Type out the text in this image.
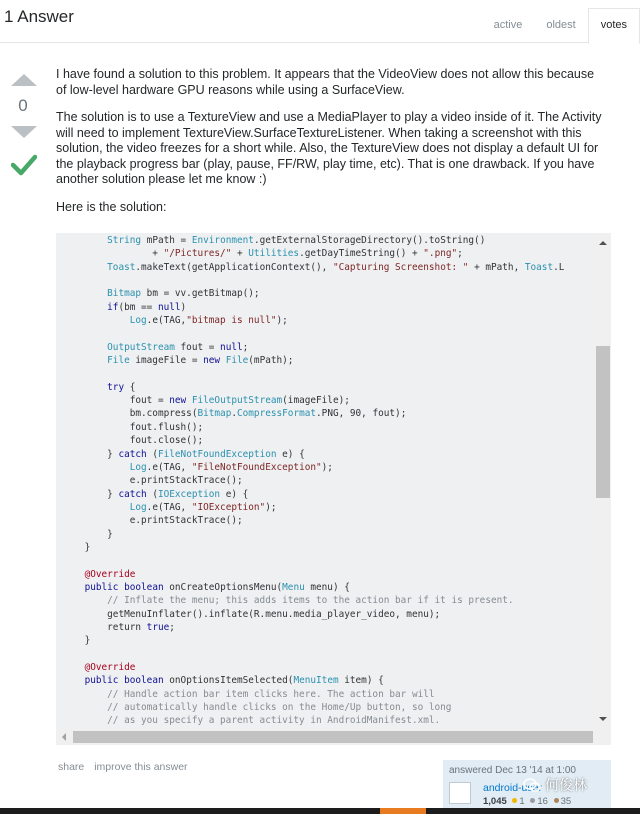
1 Answer	active	oldest	votes
0

I have found a solution to this problem. It appears that the VideoView does not allow this because of low-level hardware GPU reasons while using a SurfaceView.

The solution is to use a TextureView and use a MediaPlayer to play a video inside of it. The Activity will need to implement TextureView.SurfaceTextureListener. When taking a screenshot with this solution, the video freezes for a short while. Also, the TextureView does not display a default UI for the playback progress bar (play, pause, FF/RW, play time, etc). That is one drawback. If you have another solution please let me know :)

Here is the solution:

String mPath = Environment.getExternalStorageDirectory().toString()
+ "/Pictures/" + Utilities.getDayTimeString() + ".png";
Toast.makeText(getApplicationContext(), "Capturing Screenshot: " + mPath, Toast.L

Bitmap bm = vv.getBitmap();
if(bm == null)
Log.e(TAG,"bitmap is null");

OutputStream fout = null;
File imageFile = new File(mPath);

try {
fout = new FileOutputStream(imageFile);
bm.compress(Bitmap.CompressFormat.PNG, 90, fout);
fout.flush();
fout.close();
} catch (FileNotFoundException e) {
Log.e(TAG, "FileNotFoundException");
e.printStackTrace();
} catch (IOException e) {
Log.e(TAG, "IOException");
e.printStackTrace();
}
}

@Override
public boolean onCreateOptionsMenu(Menu menu) {
// Inflate the menu; this adds items to the action bar if it is present.
getMenuInflater().inflate(R.menu.media_player_video, menu);
return true;
}

@Override
public boolean onOptionsItemSelected(MenuItem item) {
// Handle action bar item clicks here. The action bar will
// automatically handle clicks on the Home/Up button, so long
// as you specify a parent activity in AndroidManifest.xml.
share improve this answer	answered Dec 13 '14 at 1:00
android-user
1,045 1 16 35
何俊林
